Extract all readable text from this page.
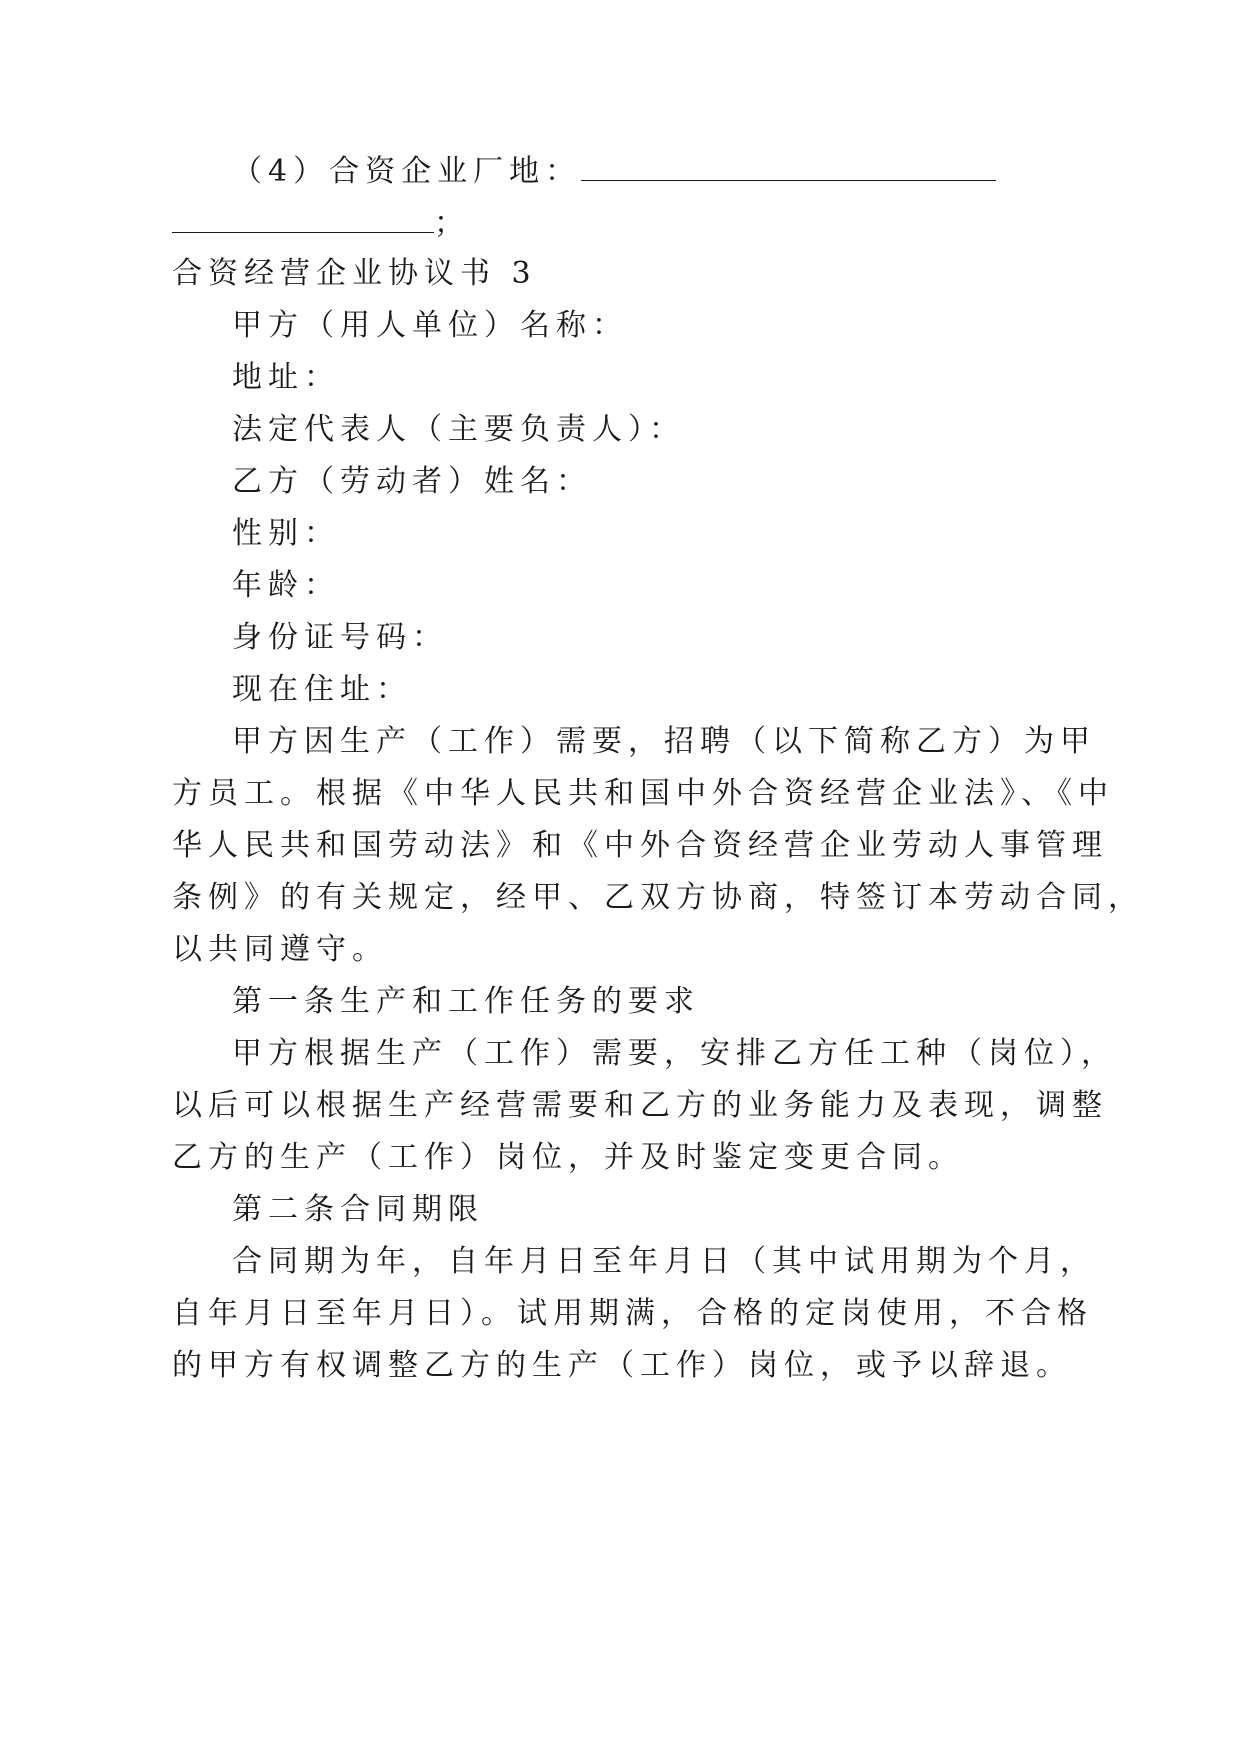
（4）合资企业厂地：
；
合资经营企业协议书 3
甲方（用人单位）名称：
地址：
法定代表人（主要负责人）：
乙方（劳动者）姓名：
性别：
年龄：
身份证号码：
现在住址：
甲方因生产（工作）需要，招聘（以下简称乙方）为甲
方员工。根据《中华人民共和国中外合资经营企业法》、《中
华人民共和国劳动法》和《中外合资经营企业劳动人事管理
条例》的有关规定，经甲、乙双方协商，特签订本劳动合同，
以共同遵守。
第一条生产和工作任务的要求
甲方根据生产（工作）需要，安排乙方任工种（岗位），
以后可以根据生产经营需要和乙方的业务能力及表现，调整
乙方的生产（工作）岗位，并及时鉴定变更合同。
第二条合同期限
合同期为年，自年月日至年月日（其中试用期为个月，
自年月日至年月日）。试用期满，合格的定岗使用，不合格
的甲方有权调整乙方的生产（工作）岗位，或予以辞退。
